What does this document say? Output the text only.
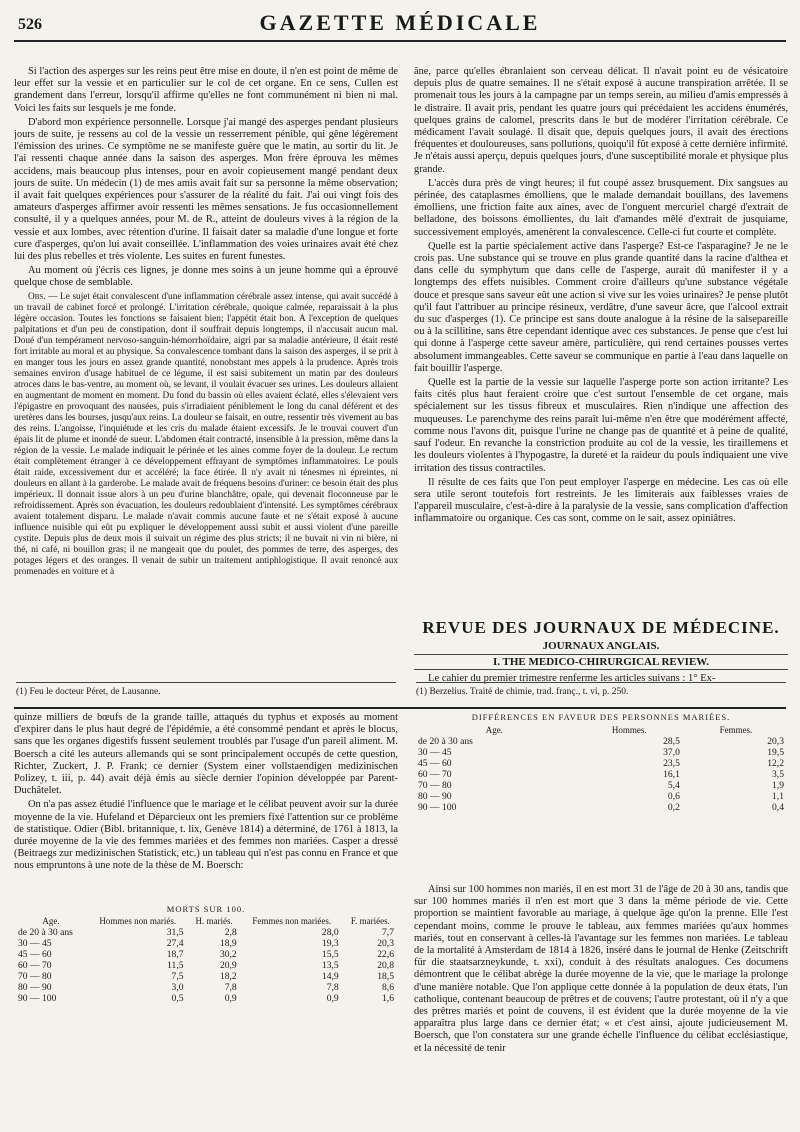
526	GAZETTE MÉDICALE

Si l'action des asperges sur les reins peut être mise en doute, il n'en est point de même de leur effet sur la vessie et en particulier sur le col de cet organe. En ce sens, Cullen est grandement dans l'erreur, lorsqu'il affirme qu'elles ne font communément ni bien ni mal. Voici les faits sur lesquels je me fonde.

D'abord mon expérience personnelle. Lorsque j'ai mangé des asperges pendant plusieurs jours de suite, je ressens au col de la vessie un resserrement pénible, qui gêne légèrement l'émission des urines. Ce symptôme ne se manifeste guère que le matin, au sortir du lit. Je l'ai ressenti chaque année dans la saison des asperges. Mon frère éprouva les mêmes accidens, mais beaucoup plus intenses, pour en avoir copieusement mangé pendant deux jours de suite. Un médecin (1) de mes amis avait fait sur sa personne la même observation; il avait fait quelques expériences pour s'assurer de la réalité du fait. J'ai oui vingt fois des amateurs d'asperges affirmer avoir ressenti les mêmes sensations. Je fus occasionnellement consulté, il y a quelques années, pour M. de R., atteint de douleurs vives à la région de la vessie et aux lombes, avec rétention d'urine. Il faisait dater sa maladie d'une longue et forte cure d'asperges, qu'on lui avait conseillée. L'inflammation des voies urinaires avait été chez lui des plus rebelles et très violente. Les suites en furent funestes.

Au moment où j'écris ces lignes, je donne mes soins à un jeune homme qui a éprouvé quelque chose de semblable.

Obs. — Le sujet était convalescent d'une inflammation cérébrale assez intense, qui avait succédé à un travail de cabinet forcé et prolongé. L'irritation cérébrale, quoique calmée, reparaissait à la plus légère occasion. Toutes les fonctions se faisaient bien; l'appétit était bon. A l'exception de quelques palpitations et d'un peu de constipation, dont il souffrait depuis longtemps, il n'accusait aucun mal. Doué d'un tempérament nervoso-sanguin-hémorrhoïdaire, aigri par sa maladie antérieure, il était resté fort irritable au moral et au physique. Sa convalescence tombant dans la saison des asperges, il se prit à en manger tous les jours en assez grande quantité, nonobstant mes appels à la prudence. Après trois semaines environ d'usage habituel de ce légume, il est saisi subitement un matin par des douleurs atroces dans le bas-ventre, au moment où, se levant, il voulait évacuer ses urines. Les douleurs allaient en augmentant de moment en moment. Du fond du bassin où elles avaient éclaté, elles s'élevaient vers l'épigastre en provoquant des nausées, puis s'irradiaient péniblement le long du canal déférent et des uretères dans les bourses, jusqu'aux reins. La douleur se faisait, en outre, ressentir très vivement au bas des reins. L'angoisse, l'inquiétude et les cris du malade étaient excessifs. Je le trouvai couvert d'un épais lit de plume et inondé de sueur. L'abdomen était contracté, insensible à la pression, même dans la région de la vessie. Le malade indiquait le périnée et les aines comme foyer de la douleur. Le rectum était complètement étranger à ce développement effrayant de symptômes inflammatoires. Le pouls était raide, excessivement dur et accéléré; la face étirée. Il n'y avait ni ténesmes ni épreintes, ni douleurs en allant à la garderobe. Le malade avait de fréquens besoins d'uriner: ce besoin était des plus impérieux. Il donnait issue alors à un peu d'urine blanchâtre, opale, qui devenait floconneuse par le refroidissement. Après son évacuation, les douleurs redoublaient d'intensité. Les symptômes cérébraux avaient totalement disparu. Le malade n'avait commis aucune faute et ne s'était exposé à aucune influence nuisible qui eût pu expliquer le développement aussi subit et aussi violent d'une pareille cystite. Depuis plus de deux mois il suivait un régime des plus stricts; il ne buvait ni vin ni bière, ni thé, ni café, ni bouillon gras; il ne mangeait que du poulet, des pommes de terre, des asperges, des potages légers et des oranges. Il venait de subir un traitement antiphlogistique. Il avait renoncé aux promenades en voiture et à

âne, parce qu'elles ébranlaient son cerveau délicat. Il n'avait point eu de vésicatoire depuis plus de quatre semaines. Il ne s'était exposé à aucune transpiration arrêtée. Il se promenait tous les jours à la campagne par un temps serein, au milieu d'amis empressés à le distraire. Il avait pris, pendant les quatre jours qui précédaient les accidens énumérés, quelques grains de calomel, prescrits dans le but de modérer l'irritation cérébrale. Ce médicament l'avait soulagé. Il disait que, depuis quelques jours, il avait des érections fréquentes et douloureuses, sans pollutions, quoiqu'il fût exposé à cette dernière infirmité. Je n'étais aussi aperçu, depuis quelques jours, d'une susceptibilité morale et physique plus grande.

L'accès dura près de vingt heures; il fut coupé assez brusquement. Dix sangsues au périnée, des cataplasmes émolliens, que le malade demandait bouillans, des lavemens émolliens, une friction faite aux aines, avec de l'onguent mercuriel chargé d'extrait de belladone, des boissons émollientes, du lait d'amandes mêlé d'extrait de jusquiame, successivement employés, amenèrent la convalescence. Celle-ci fut courte et complète.

Quelle est la partie spécialement active dans l'asperge? Est-ce l'asparagine? Je ne le crois pas. Une substance qui se trouve en plus grande quantité dans la racine d'althea et dans celle du symphytum que dans celle de l'asperge, aurait dû manifester il y a longtemps des effets nuisibles. Comment croire d'ailleurs qu'une substance végétale douce et presque sans saveur eût une action si vive sur les voies urinaires? Je pense plutôt qu'il faut l'attribuer au principe résineux, verdâtre, d'une saveur âcre, que l'alcool extrait du suc d'asperges (1). Ce principe est sans doute analogue à la résine de la salsepareille ou à la scillitine, sans être cependant identique avec ces substances. Je pense que c'est lui qui donne à l'asperge cette saveur amère, particulière, qui rend certaines pousses vertes absolument immangeables. Cette saveur se communique en partie à l'eau dans laquelle on fait bouillir l'asperge.

Quelle est la partie de la vessie sur laquelle l'asperge porte son action irritante? Les faits cités plus haut feraient croire que c'est surtout l'ensemble de cet organe, mais spécialement sur les tissus fibreux et musculaires. Rien n'indique une affection des muqueuses. Le parenchyme des reins paraît lui-même n'en être que modérément affecté, comme nous l'avons dit, puisque l'urine ne change pas de quantité et à peine de qualité, sauf l'odeur. En revanche la constriction produite au col de la vessie, les tiraillemens et les douleurs violentes à l'hypogastre, la dureté et la raideur du pouls indiquaient une vive irritation des tissus contractiles.

Il résulte de ces faits que l'on peut employer l'asperge en médecine. Les cas où elle sera utile seront toutefois fort restreints. Je les limiterais aux faiblesses vraies de l'appareil musculaire, c'est-à-dire à la paralysie de la vessie, sans complication d'affection inflammatoire ou organique. Ces cas sont, comme on le sait, assez opiniâtres.

REVUE DES JOURNAUX DE MÉDECINE.
JOURNAUX ANGLAIS.
I. THE MEDICO-CHIRURGICAL REVIEW.
Le cahier du premier trimestre renferme les articles suivans : 1° Ex-
(1) Feu le docteur Péret, de Lausanne.	(1) Berzelius. Traité de chimie, trad. franç., t. vi, p. 250.

quinze milliers de bœufs de la grande taille, attaqués du typhus et exposés au moment d'expirer dans le plus haut degré de l'épidémie, a été consommé pendant et après le blocus, sans que les organes digestifs fussent seulement troublés par l'usage d'un pareil aliment. M. Boersch a cité les auteurs allemands qui se sont principalement occupés de cette question, Richter, Zuckert, J. P. Frank; ce dernier (System einer vollstaendigen medizinischen Polizey, t. iii, p. 44) avait déjà émis au siècle dernier l'opinion développée par Parent-Duchâtelet.

On n'a pas assez étudié l'influence que le mariage et le célibat peuvent avoir sur la durée moyenne de la vie. Hufeland et Déparcieux ont les premiers fixé l'attention sur ce problème de statistique. Odier (Bibl. britannique, t. lix, Genève 1814) a déterminé, de 1761 à 1813, la durée moyenne de la vie des femmes mariées et des femmes non mariées. Casper a dressé (Beitraegs zur medizinischen Statistick, etc.) un tableau qui n'est pas connu en France et que nous empruntons à une note de la thèse de M. Boersch:

MORTS SUR 100.
Age.	Hommes non mariés.	H. mariés.	Femmes non mariées.	F. mariées.
de 20 à 30 ans	31,5	2,8	28,0	7,7
30 — 45	27,4	18,9	19,3	20,3
45 — 60	18,7	30,2	15,5	22,6
60 — 70	11,5	20,9	13,5	20,8
70 — 80	7,5	18,2	14,9	18,5
80 — 90	3,0	7,8	7,8	8,6
90 — 100	0,5	0,9	0,9	1,6
DIFFÉRENCES EN FAVEUR DES PERSONNES MARIÉES.
Age.	Hommes.	Femmes.
de 20 à 30 ans	28,5	20,3
30 — 45	37,0	19,5
45 — 60	23,5	12,2
60 — 70	16,1	3,5
70 — 80	5,4	1,9
80 — 90	0,6	1,1
90 — 100	0,2	0,4

Ainsi sur 100 hommes non mariés, il en est mort 31 de l'âge de 20 à 30 ans, tandis que sur 100 hommes mariés il n'en est mort que 3 dans la même période de vie. Cette proportion se maintient favorable au mariage, à quelque âge qu'on la prenne. Elle l'est cependant moins, comme le prouve le tableau, aux femmes mariées qu'aux hommes mariés, tout en conservant à celles-là l'avantage sur les femmes non mariées. Le tableau de la mortalité à Amsterdam de 1814 à 1826, inséré dans le journal de Henke (Zeitschrift für die staatsarzneykunde, t. xxi), conduit à des résultats analogues. Ces documens démontrent que le célibat abrège la durée moyenne de la vie, que le mariage la prolonge d'une manière notable. Que l'on applique cette donnée à la population de deux états, l'un catholique, contenant beaucoup de prêtres et de couvens; l'autre protestant, où il n'y a que des prêtres mariés et point de couvens, il est évident que la durée moyenne de la vie apparaîtra plus large dans ce dernier état; « et c'est ainsi, ajoute judicieusement M. Boersch, que l'on constatera sur une grande échelle l'influence du célibat ecclésiastique, et la nécessité de tenir
